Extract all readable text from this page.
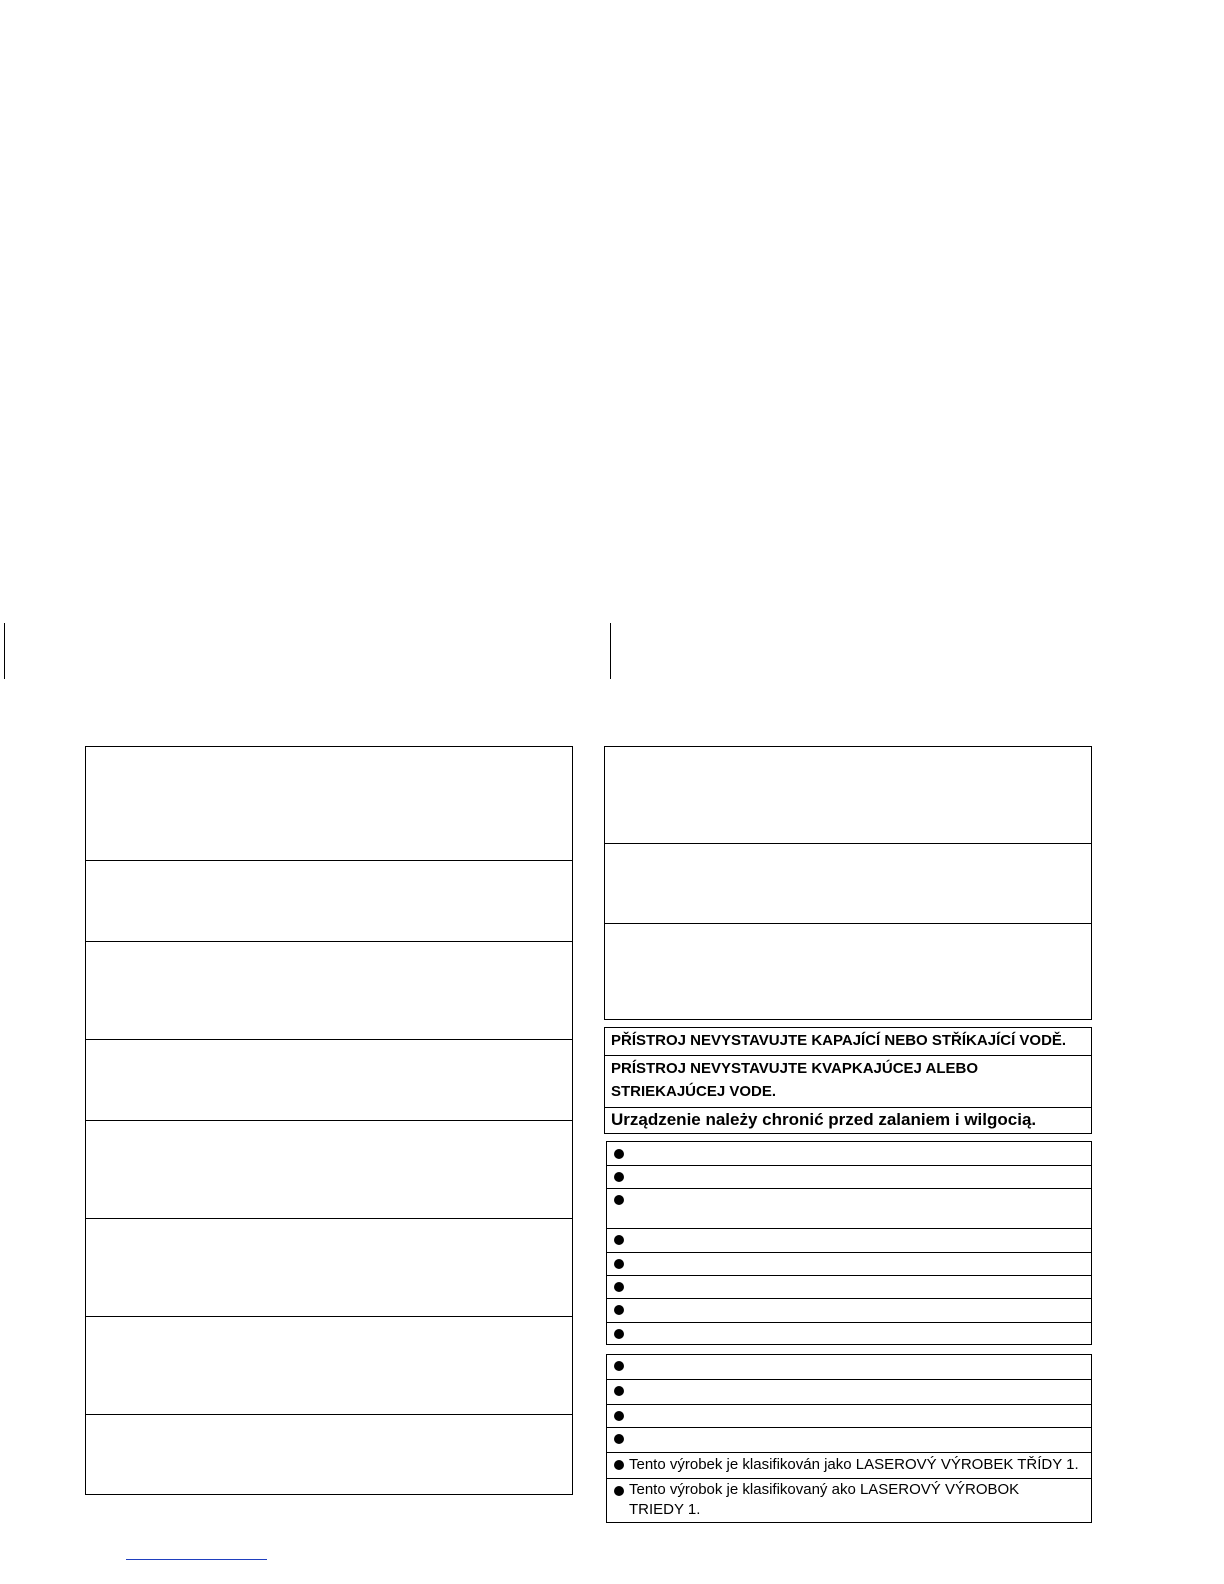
PŘÍSTROJ NEVYSTAVUJTE KAPAJÍCÍ NEBO STŘÍKAJÍCÍ VODĚ.
PRÍSTROJ NEVYSTAVUJTE KVAPKAJÚCEJ ALEBO
STRIEKAJÚCEJ VODE.
Urządzenie należy chronić przed zalaniem i wilgocią.
Tento výrobek je klasifikován jako LASEROVÝ VÝROBEK TŘÍDY 1.
Tento výrobok je klasifikovaný ako LASEROVÝ VÝROBOK
TRIEDY 1.
